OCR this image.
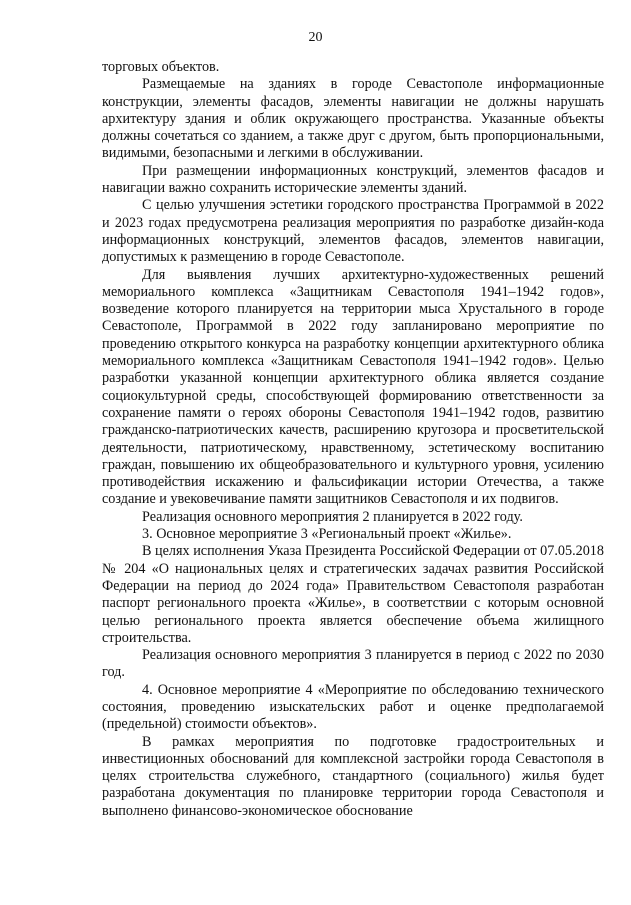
20

торговых объектов.

Размещаемые на зданиях в городе Севастополе информационные конструкции, элементы фасадов, элементы навигации не должны нарушать архитектуру здания и облик окружающего пространства. Указанные объекты должны сочетаться со зданием, а также друг с другом, быть пропорциональными, видимыми, безопасными и легкими в обслуживании.

При размещении информационных конструкций, элементов фасадов и навигации важно сохранить исторические элементы зданий.

С целью улучшения эстетики городского пространства Программой в 2022 и 2023 годах предусмотрена реализация мероприятия по разработке дизайн-кода информационных конструкций, элементов фасадов, элементов навигации, допустимых к размещению в городе Севастополе.

Для выявления лучших архитектурно-художественных решений мемориального комплекса «Защитникам Севастополя 1941–1942 годов», возведение которого планируется на территории мыса Хрустального в городе Севастополе, Программой в 2022 году запланировано мероприятие по проведению открытого конкурса на разработку концепции архитектурного облика мемориального комплекса «Защитникам Севастополя 1941–1942 годов». Целью разработки указанной концепции архитектурного облика является создание социокультурной среды, способствующей формированию ответственности за сохранение памяти о героях обороны Севастополя 1941–1942 годов, развитию гражданско-патриотических качеств, расширению кругозора и просветительской деятельности, патриотическому, нравственному, эстетическому воспитанию граждан, повышению их общеобразовательного и культурного уровня, усилению противодействия искажению и фальсификации истории Отечества, а также создание и увековечивание памяти защитников Севастополя и их подвигов.

Реализация основного мероприятия 2 планируется в 2022 году.

3. Основное мероприятие 3 «Региональный проект «Жилье».

В целях исполнения Указа Президента Российской Федерации от 07.05.2018 № 204 «О национальных целях и стратегических задачах развития Российской Федерации на период до 2024 года» Правительством Севастополя разработан паспорт регионального проекта «Жилье», в соответствии с которым основной целью регионального проекта является обеспечение объема жилищного строительства.

Реализация основного мероприятия 3 планируется в период с 2022 по 2030 год.

4. Основное мероприятие 4 «Мероприятие по обследованию технического состояния, проведению изыскательских работ и оценке предполагаемой (предельной) стоимости объектов».

В рамках мероприятия по подготовке градостроительных и инвестиционных обоснований для комплексной застройки города Севастополя в целях строительства служебного, стандартного (социального) жилья будет разработана документация по планировке территории города Севастополя и выполнено финансово-экономическое обоснование
